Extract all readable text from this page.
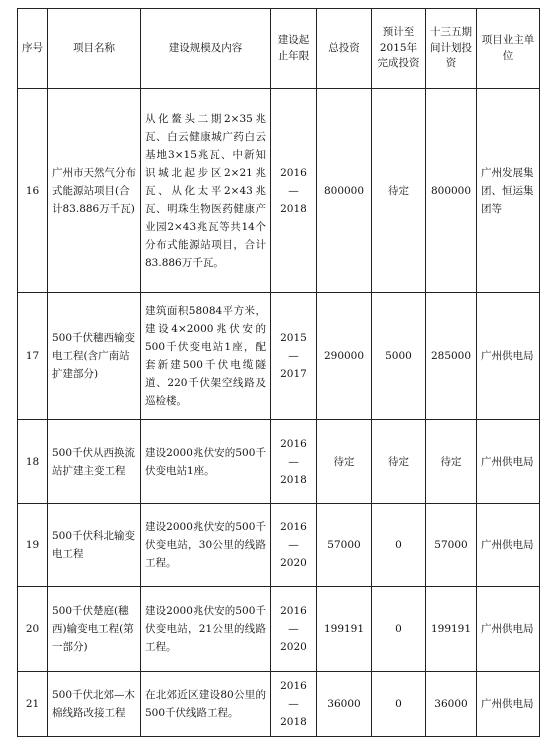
序号	项目名称	建设规模及内容	建设起止年限	总投资	预计至2015年完成投资	十三五期间计划投资	项目业主单位
16	广州市天然气分布式能源站项目(合计83.886万千瓦)	从化鳌头二期2×35兆瓦、白云健康城广药白云基地3×15兆瓦、中新知识城北起步区2×21兆瓦、从化太平2×43兆瓦、明珠生物医药健康产业园2×43兆瓦等共14个分布式能源站项目，合计83.886万千瓦。	2016—2018	800000	待定	800000	广州发展集团、恒运集团等
17	500千伏穗西输变电工程(含广南站扩建部分)	建筑面积58084平方米，建设4×2000兆伏安的500千伏变电站1座，配套新建500千伏电缆隧道、220千伏架空线路及巡检楼。	2015—2017	290000	5000	285000	广州供电局
18	500千伏从西换流站扩建主变工程	建设2000兆伏安的500千伏变电站1座。	2016—2018	待定	待定	待定	广州供电局
19	500千伏科北输变电工程	建设2000兆伏安的500千伏变电站，30公里的线路工程。	2016—2020	57000	0	57000	广州供电局
20	500千伏楚庭(穗西)输变电工程(第一部分)	建设2000兆伏安的500千伏变电站，21公里的线路工程。	2016—2020	199191	0	199191	广州供电局
21	500千伏北郊—木棉线路改接工程	在北郊近区建设80公里的500千伏线路工程。	2016—2018	36000	0	36000	广州供电局
